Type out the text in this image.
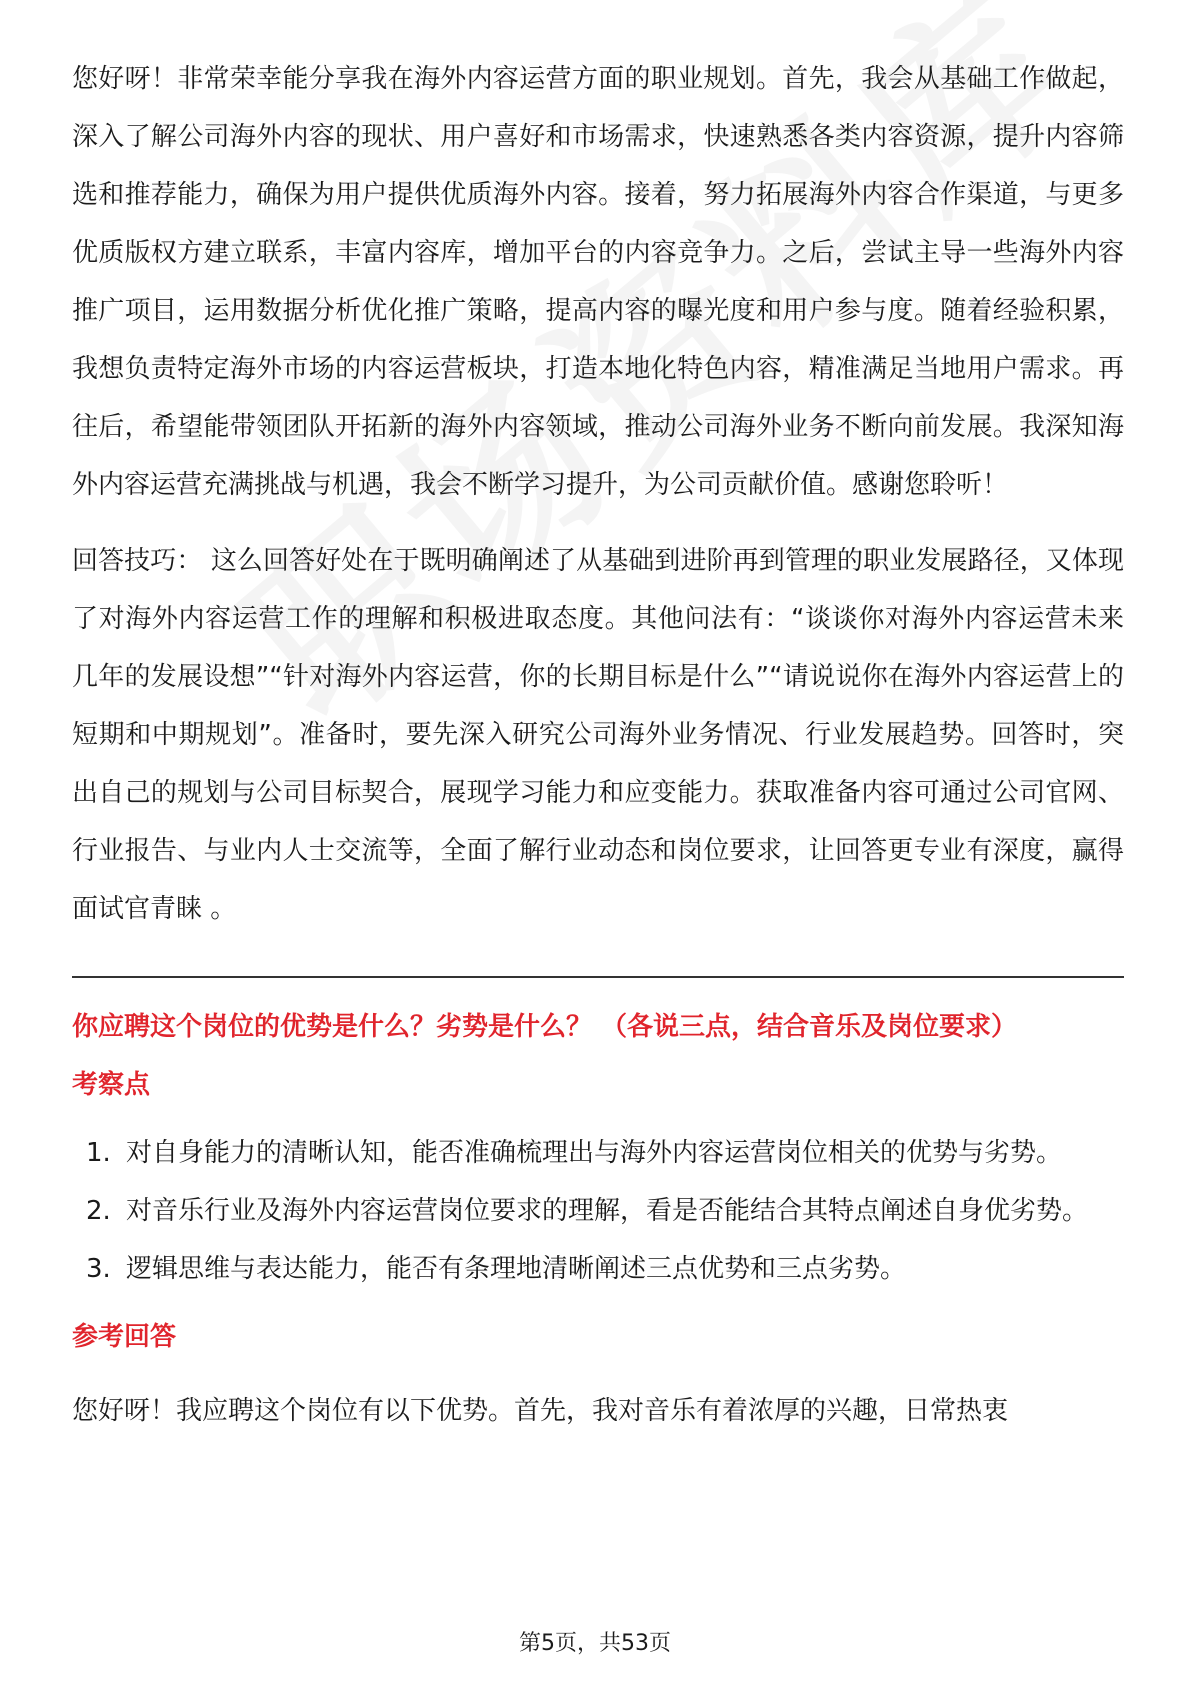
您好呀！非常荣幸能分享我在海外内容运营方面的职业规划。首先，我会从基础工作做起，深入了解公司海外内容的现状、用户喜好和市场需求，快速熟悉各类内容资源，提升内容筛选和推荐能力，确保为用户提供优质海外内容。接着，努力拓展海外内容合作渠道，与更多优质版权方建立联系，丰富内容库，增加平台的内容竞争力。之后，尝试主导一些海外内容推广项目，运用数据分析优化推广策略，提高内容的曝光度和用户参与度。随着经验积累，我想负责特定海外市场的内容运营板块，打造本地化特色内容，精准满足当地用户需求。再往后，希望能带领团队开拓新的海外内容领域，推动公司海外业务不断向前发展。我深知海外内容运营充满挑战与机遇，我会不断学习提升，为公司贡献价值。感谢您聆听！

回答技巧： 这么回答好处在于既明确阐述了从基础到进阶再到管理的职业发展路径，又体现了对海外内容运营工作的理解和积极进取态度。其他问法有：“谈谈你对海外内容运营未来几年的发展设想”“针对海外内容运营，你的长期目标是什么”“请说说你在海外内容运营上的短期和中期规划”。准备时，要先深入研究公司海外业务情况、行业发展趋势。回答时，突出自己的规划与公司目标契合，展现学习能力和应变能力。获取准备内容可通过公司官网、行业报告、与业内人士交流等，全面了解行业动态和岗位要求，让回答更专业有深度，赢得面试官青睐 。

你应聘这个岗位的优势是什么？劣势是什么？ （各说三点，结合音乐及岗位要求）

考察点

1. 对自身能力的清晰认知，能否准确梳理出与海外内容运营岗位相关的优势与劣势。
2. 对音乐行业及海外内容运营岗位要求的理解，看是否能结合其特点阐述自身优劣势。
3. 逻辑思维与表达能力，能否有条理地清晰阐述三点优势和三点劣势。

参考回答

您好呀！我应聘这个岗位有以下优势。首先，我对音乐有着浓厚的兴趣，日常热衷

第5页，共53页
